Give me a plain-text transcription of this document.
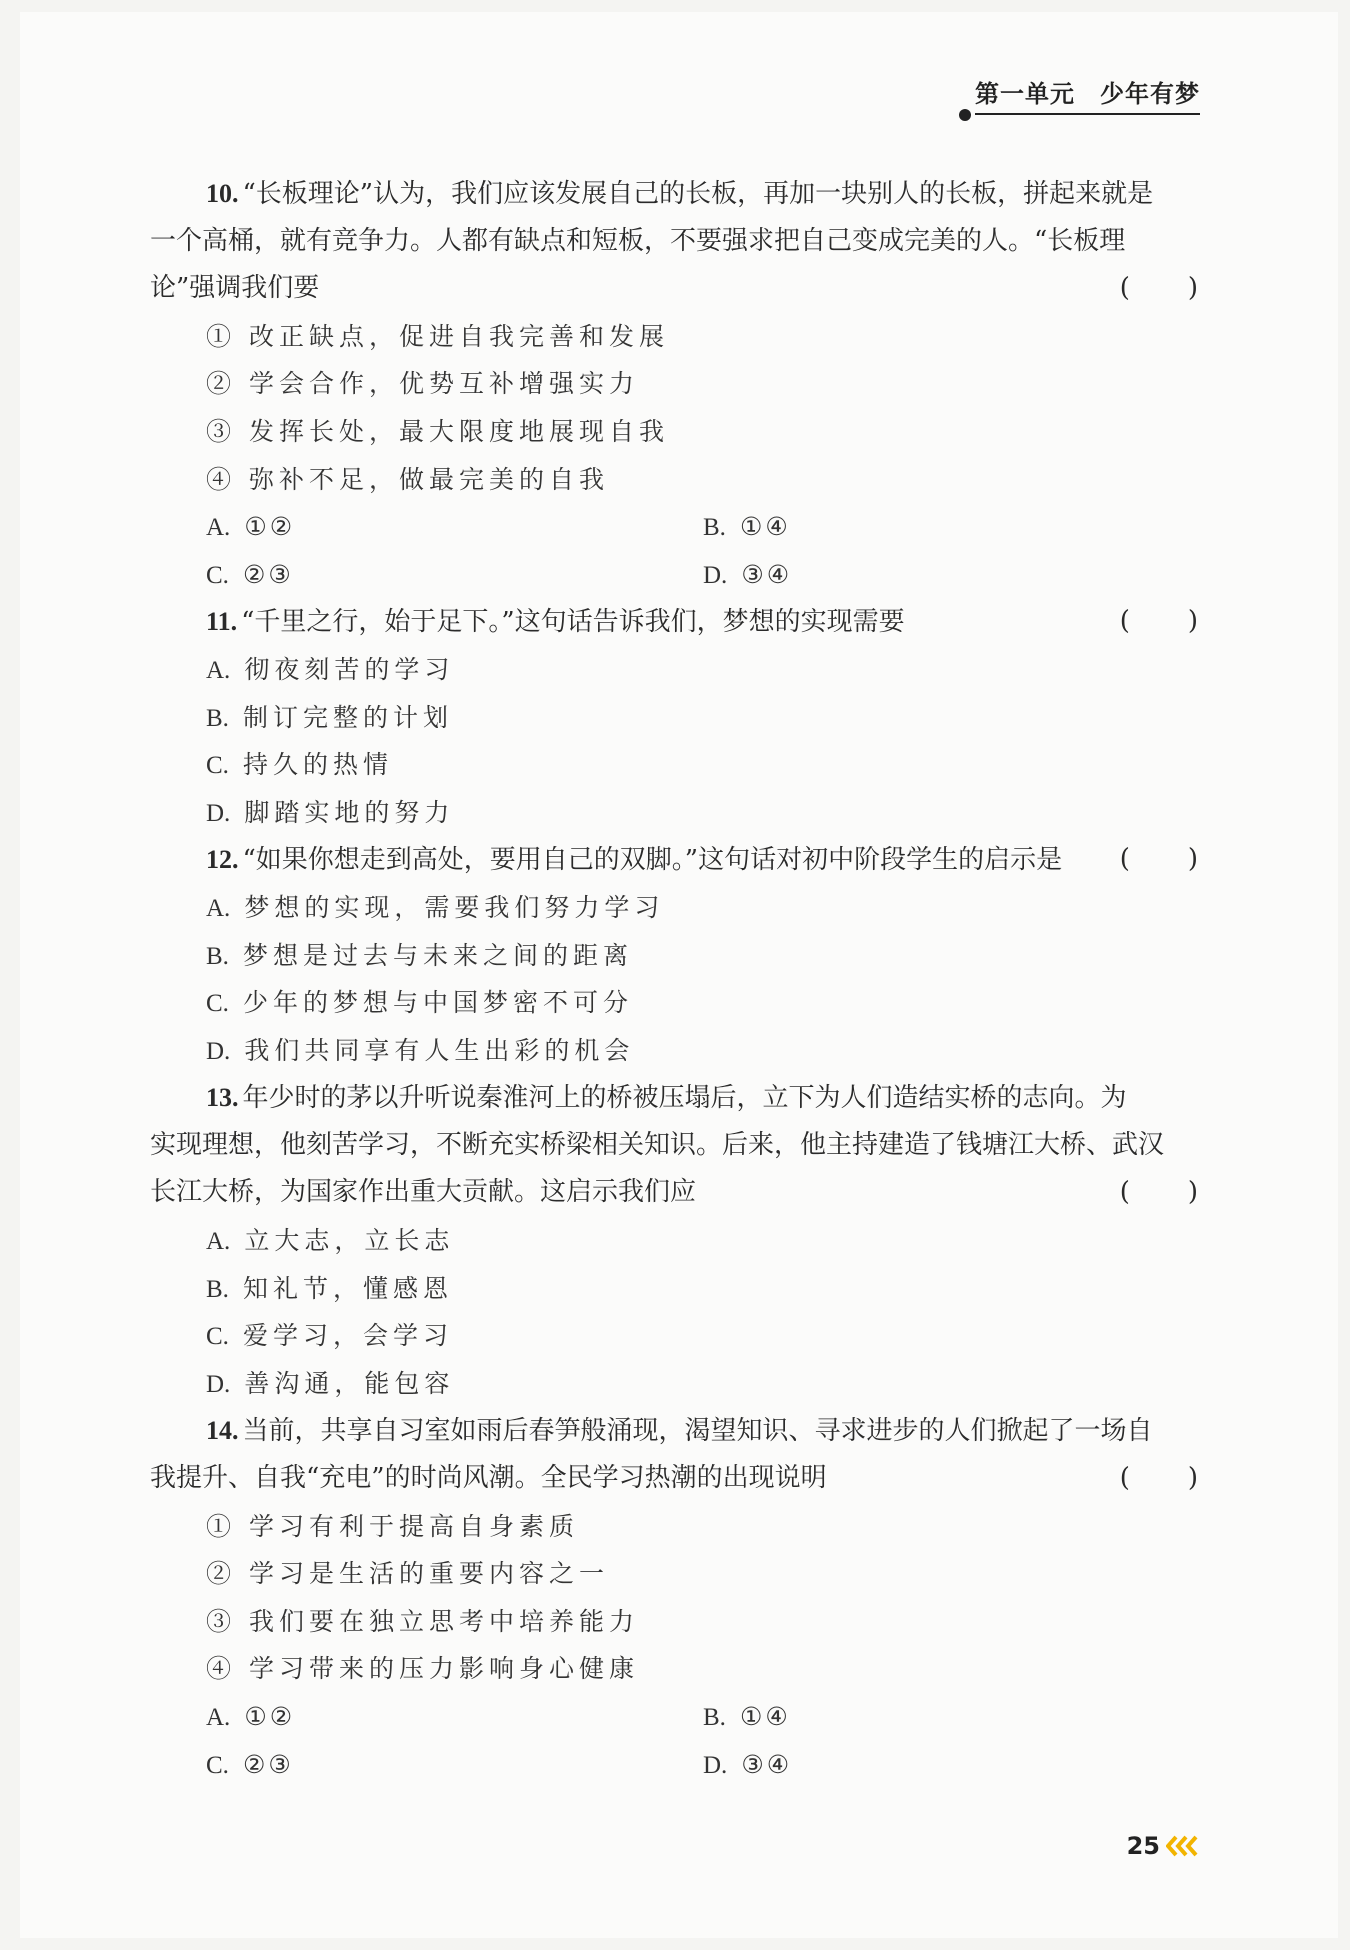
第一单元　少年有梦
10. “长板理论”认为，我们应该发展自己的长板，再加一块别人的长板，拼起来就是
一个高桶，就有竞争力。人都有缺点和短板，不要强求把自己变成完美的人。“长板理
论”强调我们要	(　　)
① 改正缺点，促进自我完善和发展
② 学会合作，优势互补增强实力
③ 发挥长处，最大限度地展现自我
④ 弥补不足，做最完美的自我
A. ①②	B. ①④
C. ②③	D. ③④
11. “千里之行，始于足下。”这句话告诉我们，梦想的实现需要	(　　)
A. 彻夜刻苦的学习
B. 制订完整的计划
C. 持久的热情
D. 脚踏实地的努力
12. “如果你想走到高处，要用自己的双脚。”这句话对初中阶段学生的启示是	(　　)
A. 梦想的实现，需要我们努力学习
B. 梦想是过去与未来之间的距离
C. 少年的梦想与中国梦密不可分
D. 我们共同享有人生出彩的机会
13. 年少时的茅以升听说秦淮河上的桥被压塌后，立下为人们造结实桥的志向。为
实现理想，他刻苦学习，不断充实桥梁相关知识。后来，他主持建造了钱塘江大桥、武汉
长江大桥，为国家作出重大贡献。这启示我们应	(　　)
A. 立大志，立长志
B. 知礼节，懂感恩
C. 爱学习，会学习
D. 善沟通，能包容
14. 当前，共享自习室如雨后春笋般涌现，渴望知识、寻求进步的人们掀起了一场自
我提升、自我“充电”的时尚风潮。全民学习热潮的出现说明	(　　)
① 学习有利于提高自身素质
② 学习是生活的重要内容之一
③ 我们要在独立思考中培养能力
④ 学习带来的压力影响身心健康
A. ①②	B. ①④
C. ②③	D. ③④
25
